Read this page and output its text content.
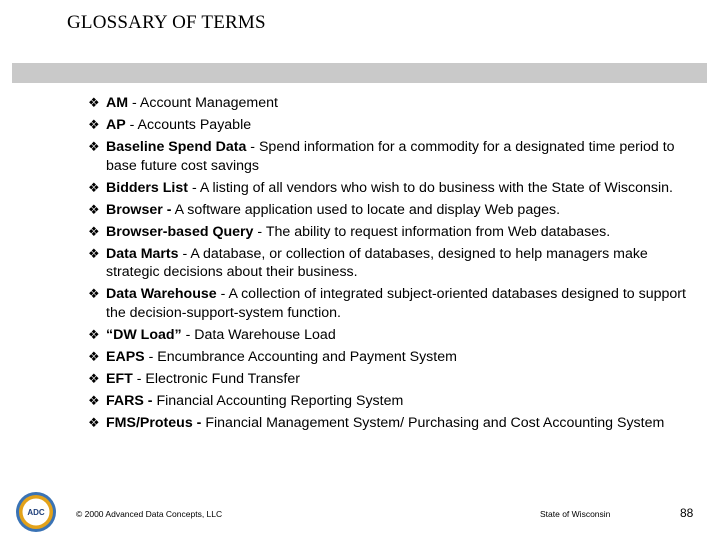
GLOSSARY OF TERMS
❖ AM - Account Management
❖ AP - Accounts Payable
❖ Baseline Spend Data - Spend information for a commodity for a designated time period to base future cost savings
❖ Bidders List - A listing of all vendors who wish to do business with the State of Wisconsin.
❖ Browser - A software application used to locate and display Web pages.
❖ Browser-based Query - The ability to request information from Web databases.
❖ Data Marts - A database, or collection of databases, designed to help managers make strategic decisions about their business.
❖ Data Warehouse - A collection of integrated subject-oriented databases designed to support the decision-support-system function.
❖ “DW Load” - Data Warehouse Load
❖ EAPS - Encumbrance Accounting and Payment System
❖ EFT - Electronic Fund Transfer
❖ FARS - Financial Accounting Reporting System
❖ FMS/Proteus - Financial Management System/ Purchasing and Cost Accounting System
ADC	© 2000 Advanced Data Concepts, LLC	State of Wisconsin	88
